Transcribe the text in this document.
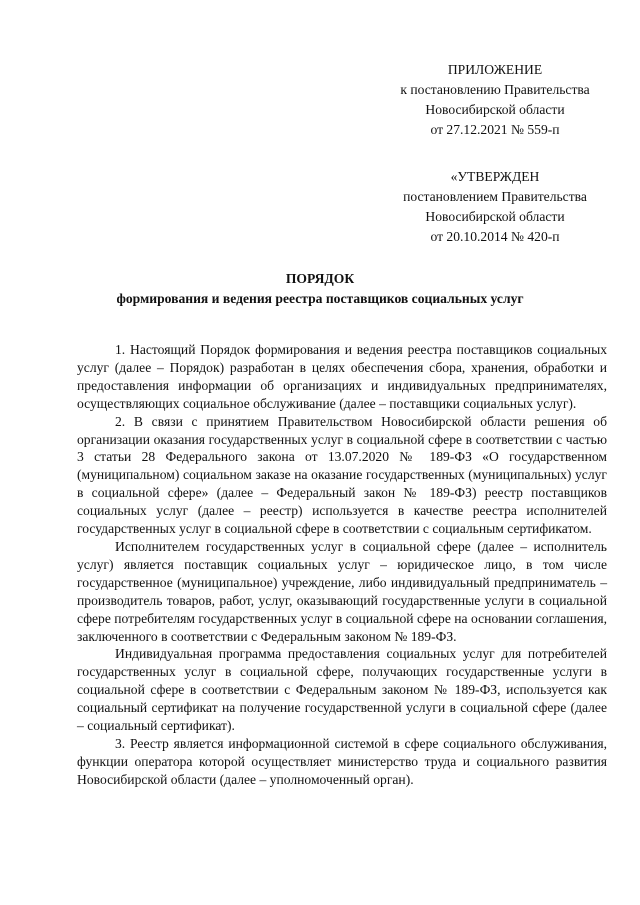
ПРИЛОЖЕНИЕ
к постановлению Правительства
Новосибирской области
от 27.12.2021 № 559-п
«УТВЕРЖДЕН
постановлением Правительства
Новосибирской области
от 20.10.2014 № 420-п
ПОРЯДОК
формирования и ведения реестра поставщиков социальных услуг

1. Настоящий Порядок формирования и ведения реестра поставщиков социальных услуг (далее – Порядок) разработан в целях обеспечения сбора, хранения, обработки и предоставления информации об организациях и индивидуальных предпринимателях, осуществляющих социальное обслуживание (далее – поставщики социальных услуг).

2. В связи с принятием Правительством Новосибирской области решения об организации оказания государственных услуг в социальной сфере в соответствии с частью 3 статьи 28 Федерального закона от 13.07.2020 № 189-ФЗ «О государственном (муниципальном) социальном заказе на оказание государственных (муниципальных) услуг в социальной сфере» (далее – Федеральный закон № 189-ФЗ) реестр поставщиков социальных услуг (далее – реестр) используется в качестве реестра исполнителей государственных услуг в социальной сфере в соответствии с социальным сертификатом.

Исполнителем государственных услуг в социальной сфере (далее – исполнитель услуг) является поставщик социальных услуг – юридическое лицо, в том числе государственное (муниципальное) учреждение, либо индивидуальный предприниматель – производитель товаров, работ, услуг, оказывающий государственные услуги в социальной сфере потребителям государственных услуг в социальной сфере на основании соглашения, заключенного в соответствии с Федеральным законом № 189-ФЗ.

Индивидуальная программа предоставления социальных услуг для потребителей государственных услуг в социальной сфере, получающих государственные услуги в социальной сфере в соответствии с Федеральным законом № 189-ФЗ, используется как социальный сертификат на получение государственной услуги в социальной сфере (далее – социальный сертификат).

3. Реестр является информационной системой в сфере социального обслуживания, функции оператора которой осуществляет министерство труда и социального развития Новосибирской области (далее – уполномоченный орган).
